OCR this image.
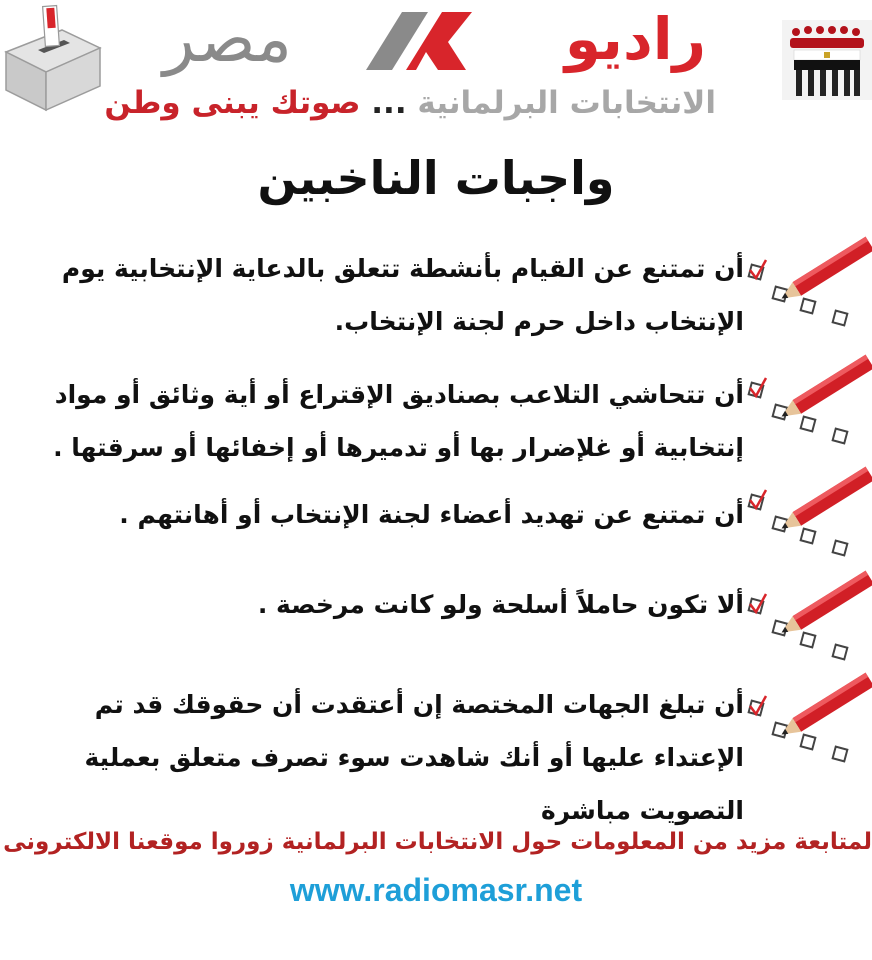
مصر	راديو
الانتخابات البرلمانية ... صوتك يبنى وطن
واجبات الناخبين
أن تمتنع عن القيام بأنشطة تتعلق بالدعاية الإنتخابية يوم الإنتخاب داخل حرم لجنة الإنتخاب.
أن تتحاشي التلاعب بصناديق الإقتراع أو أية وثائق أو مواد إنتخابية أو غلإضرار بها أو تدميرها أو إخفائها أو سرقتها .
أن تمتنع عن تهديد أعضاء لجنة الإنتخاب أو أهانتهم .
ألا تكون حاملاً أسلحة ولو كانت مرخصة .
أن تبلغ الجهات المختصة إن أعتقدت أن حقوقك قد تم الإعتداء عليها أو أنك شاهدت سوء تصرف متعلق بعملية التصويت مباشرة
لمتابعة مزيد من المعلومات حول الانتخابات البرلمانية زوروا موقعنا الالكترونى
www.radiomasr.net
